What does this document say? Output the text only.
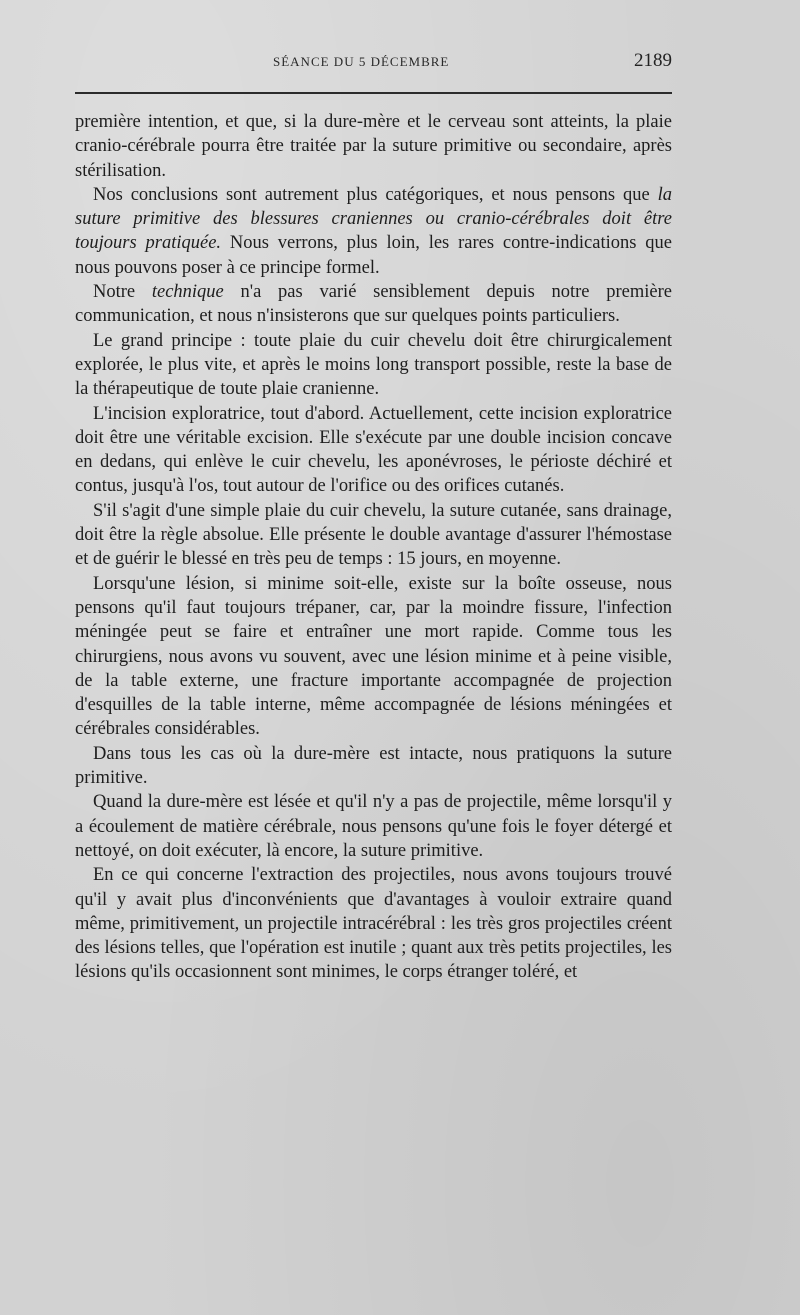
SÉANCE DU 5 DÉCEMBRE	2189

première intention, et que, si la dure-mère et le cerveau sont atteints, la plaie cranio-cérébrale pourra être traitée par la suture primitive ou secondaire, après stérilisation.

Nos conclusions sont autrement plus catégoriques, et nous pensons que la suture primitive des blessures craniennes ou cranio-cérébrales doit être toujours pratiquée. Nous verrons, plus loin, les rares contre-indications que nous pouvons poser à ce principe formel.

Notre technique n'a pas varié sensiblement depuis notre première communication, et nous n'insisterons que sur quelques points particuliers.

Le grand principe : toute plaie du cuir chevelu doit être chirurgicalement explorée, le plus vite, et après le moins long transport possible, reste la base de la thérapeutique de toute plaie cranienne.

L'incision exploratrice, tout d'abord. Actuellement, cette incision exploratrice doit être une véritable excision. Elle s'exécute par une double incision concave en dedans, qui enlève le cuir chevelu, les aponévroses, le périoste déchiré et contus, jusqu'à l'os, tout autour de l'orifice ou des orifices cutanés.

S'il s'agit d'une simple plaie du cuir chevelu, la suture cutanée, sans drainage, doit être la règle absolue. Elle présente le double avantage d'assurer l'hémostase et de guérir le blessé en très peu de temps : 15 jours, en moyenne.

Lorsqu'une lésion, si minime soit-elle, existe sur la boîte osseuse, nous pensons qu'il faut toujours trépaner, car, par la moindre fissure, l'infection méningée peut se faire et entraîner une mort rapide. Comme tous les chirurgiens, nous avons vu souvent, avec une lésion minime et à peine visible, de la table externe, une fracture importante accompagnée de projection d'esquilles de la table interne, même accompagnée de lésions méningées et cérébrales considérables.

Dans tous les cas où la dure-mère est intacte, nous pratiquons la suture primitive.

Quand la dure-mère est lésée et qu'il n'y a pas de projectile, même lorsqu'il y a écoulement de matière cérébrale, nous pensons qu'une fois le foyer détergé et nettoyé, on doit exécuter, là encore, la suture primitive.

En ce qui concerne l'extraction des projectiles, nous avons toujours trouvé qu'il y avait plus d'inconvénients que d'avantages à vouloir extraire quand même, primitivement, un projectile intracérébral : les très gros projectiles créent des lésions telles, que l'opération est inutile ; quant aux très petits projectiles, les lésions qu'ils occasionnent sont minimes, le corps étranger toléré, et
